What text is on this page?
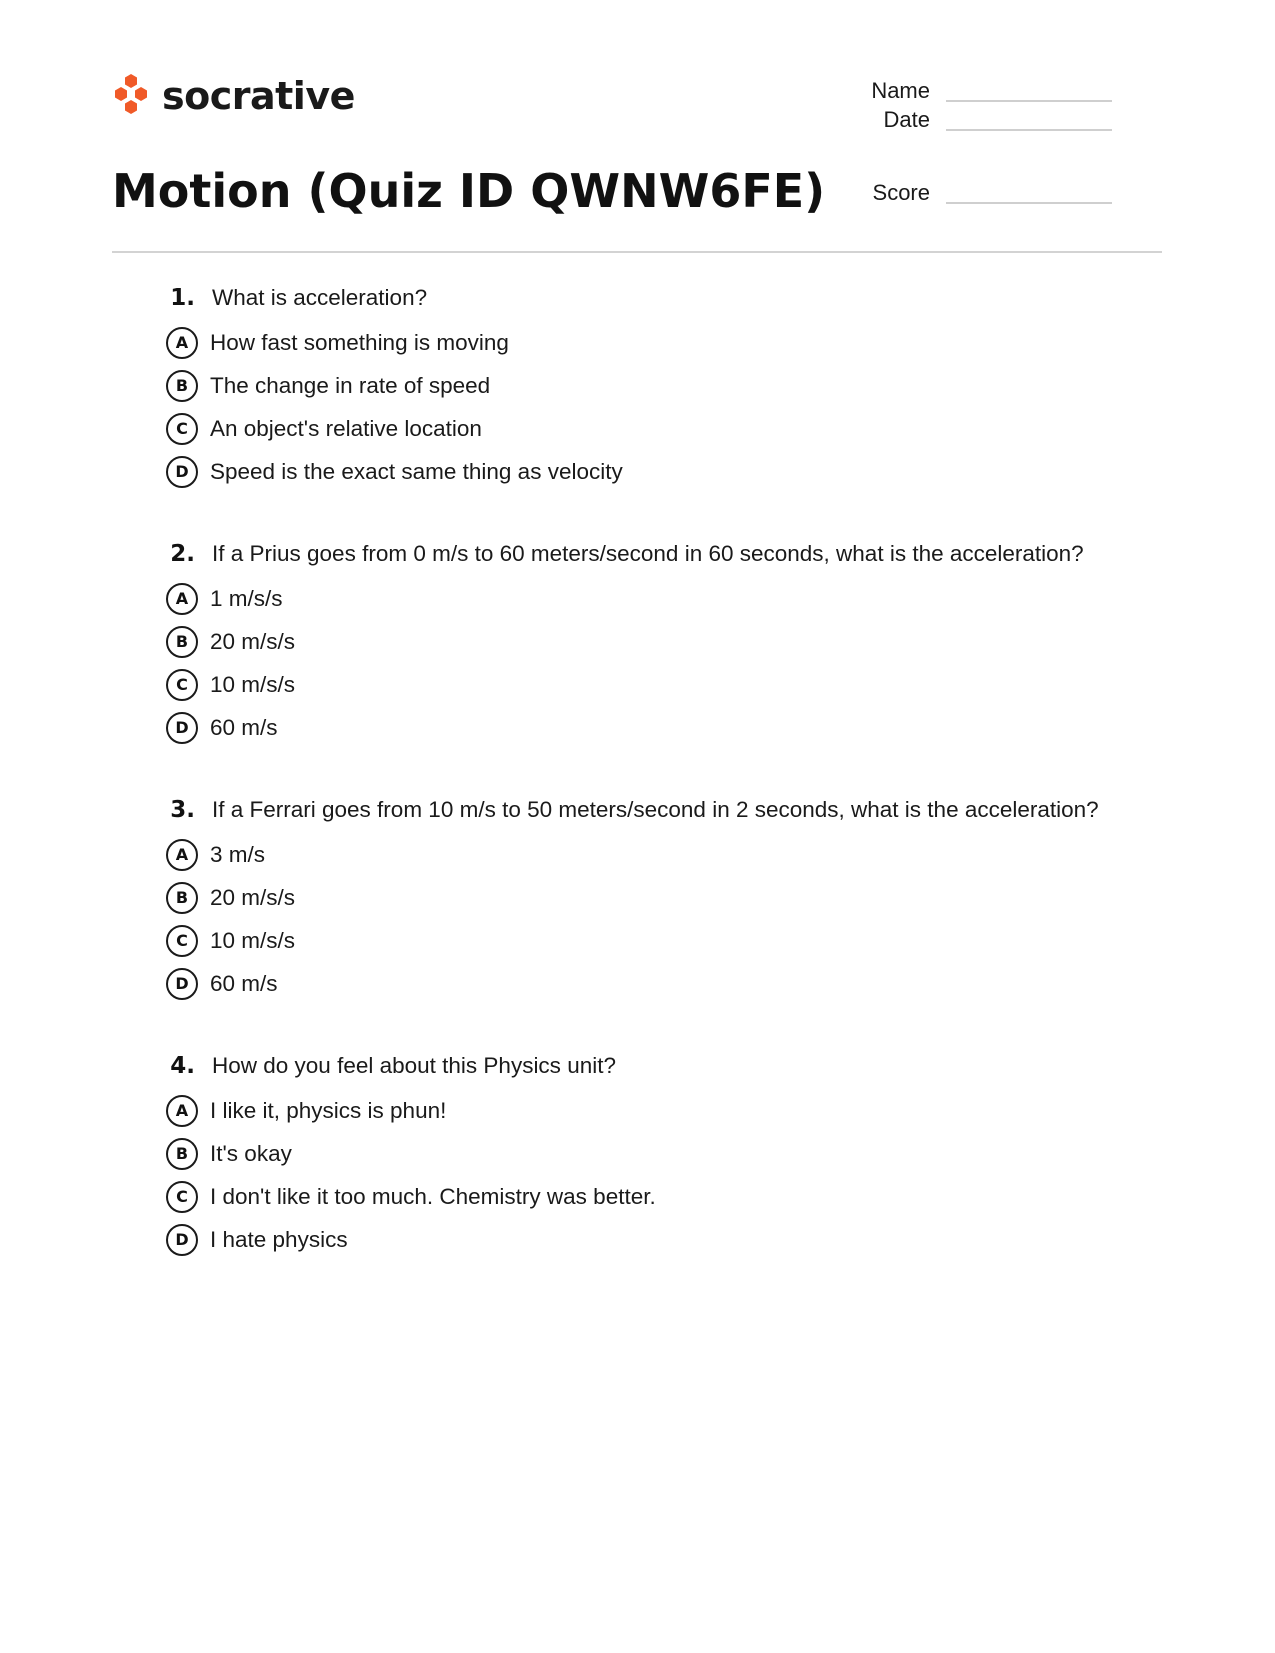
socrative
Motion (Quiz ID QWNW6FE)
Name
Date
Score
1. What is acceleration?
A How fast something is moving
B The change in rate of speed
C An object's relative location
D Speed is the exact same thing as velocity
2. If a Prius goes from 0 m/s to 60 meters/second in 60 seconds, what is the acceleration?
A 1 m/s/s
B 20 m/s/s
C 10 m/s/s
D 60 m/s
3. If a Ferrari goes from 10 m/s to 50 meters/second in 2 seconds, what is the acceleration?
A 3 m/s
B 20 m/s/s
C 10 m/s/s
D 60 m/s
4. How do you feel about this Physics unit?
A I like it, physics is phun!
B It's okay
C I don't like it too much. Chemistry was better.
D I hate physics
